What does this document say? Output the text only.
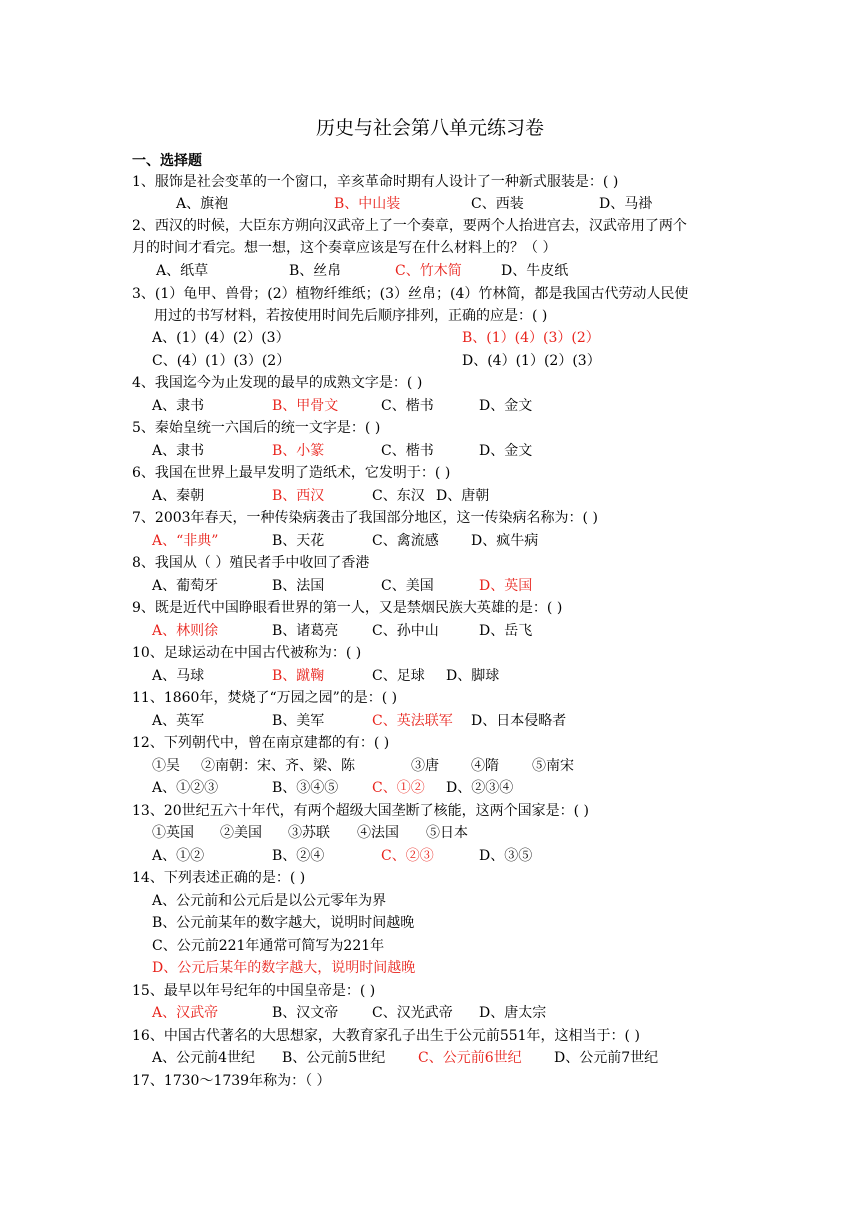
历史与社会第八单元练习卷
一、选择题
1、服饰是社会变革的一个窗口，辛亥革命时期有人设计了一种新式服装是：( )
A、旗袍	B、中山装	C、西装	D、马褂
2、西汉的时候，大臣东方朔向汉武帝上了一个奏章，要两个人抬进宫去，汉武帝用了两个
月的时间才看完。想一想，这个奏章应该是写在什么材料上的？（ ）
A、纸草	B、丝帛	C、竹木简	D、牛皮纸
3、(1）龟甲、兽骨；(2）植物纤维纸；(3）丝帛；(4）竹林简，都是我国古代劳动人民使
用过的书写材料，若按使用时间先后顺序排列，正确的应是：( )
A、(1）(4）(2）(3）	B、(1）(4）(3）(2）
C、(4）(1）(3）(2）	D、(4）(1）(2）(3）
4、我国迄今为止发现的最早的成熟文字是：( )
A、隶书	B、甲骨文	C、楷书	D、金文
5、秦始皇统一六国后的统一文字是：( )
A、隶书	B、小篆	C、楷书	D、金文
6、我国在世界上最早发明了造纸术，它发明于：( )
A、秦朝	B、西汉	C、东汉 D、唐朝
7、2003年春天，一种传染病袭击了我国部分地区，这一传染病名称为：( )
A、“非典”	B、天花	C、禽流感 D、疯牛病
8、我国从（ ）殖民者手中收回了香港
A、葡萄牙	B、法国	C、美国	D、英国
9、既是近代中国睁眼看世界的第一人，又是禁烟民族大英雄的是：( )
A、林则徐	B、诸葛亮 C、孙中山	D、岳飞
10、足球运动在中国古代被称为：( )
A、马球	B、蹴鞠	C、足球 D、脚球
11、1860年，焚烧了“万园之园”的是：( )
A、英军	B、美军	C、英法联军 D、日本侵略者
12、下列朝代中，曾在南京建都的有：( )
①吴 ②南朝：宋、齐、梁、陈	③唐 ④隋 ⑤南宋
A、①②③	B、③④⑤ C、①② D、②③④
13、20世纪五六十年代，有两个超级大国垄断了核能，这两个国家是：( )
①英国 ②美国 ③苏联 ④法国 ⑤日本
A、①②	B、②④	C、②③	D、③⑤
14、下列表述正确的是：( )
A、公元前和公元后是以公元零年为界
B、公元前某年的数字越大，说明时间越晚
C、公元前221年通常可简写为221年
D、公元后某年的数字越大，说明时间越晚
15、最早以年号纪年的中国皇帝是：( )
A、汉武帝	B、汉文帝 C、汉光武帝 D、唐太宗
16、中国古代著名的大思想家，大教育家孔子出生于公元前551年，这相当于：( )
A、公元前4世纪 B、公元前5世纪 C、公元前6世纪 D、公元前7世纪
17、1730～1739年称为：（ ）
